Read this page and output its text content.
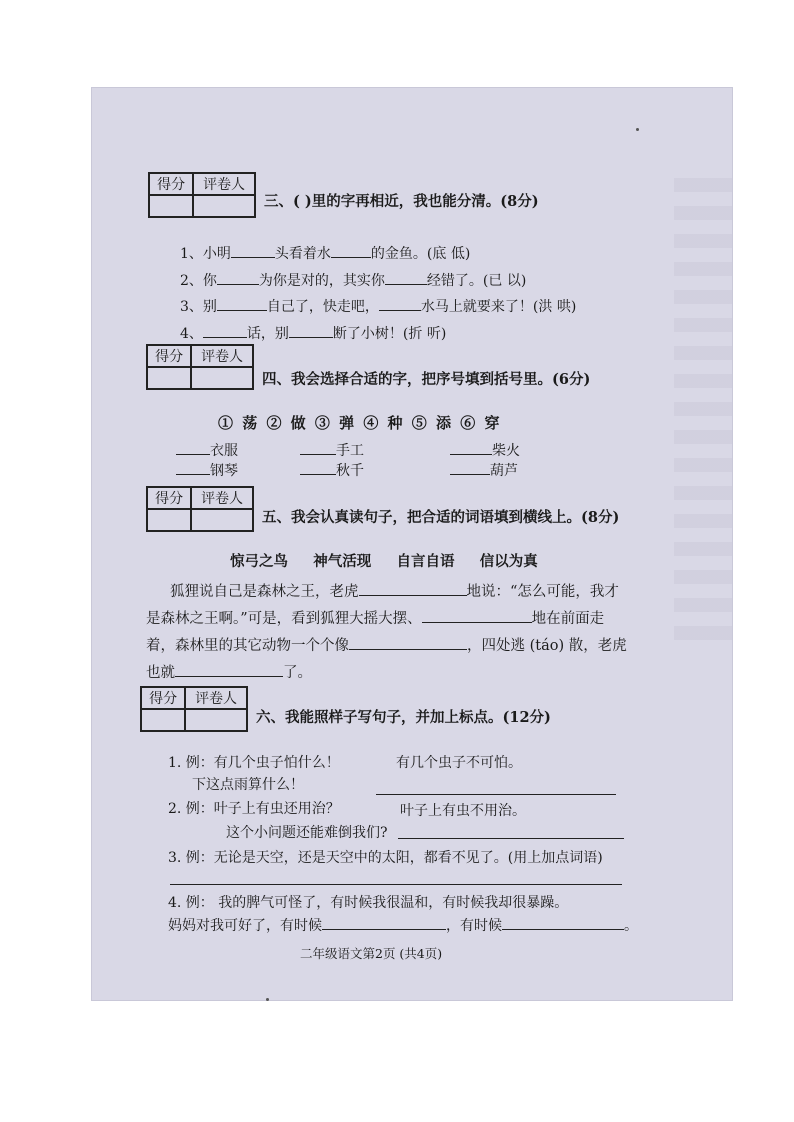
得分	评卷人
三、( )里的字再相近，我也能分清。(8分)
1、小明	头看着水	的金鱼。(底 低)
2、你	为你是对的，其实你	经错了。(已 以)
3、别	自己了，快走吧，	水马上就要来了！(洪 哄)
4、	话，别	断了小树！(折 听)
得分	评卷人
四、我会选择合适的字，把序号填到括号里。(6分)
① 荡 ② 做 ③ 弹 ④ 种 ⑤ 添 ⑥ 穿
衣服	手工	柴火
钢琴	秋千	葫芦
得分	评卷人
五、我会认真读句子，把合适的词语填到横线上。(8分)
惊弓之鸟     神气活现     自言自语     信以为真
狐狸说自己是森林之王，老虎	地说：“怎么可能，我才
是森林之王啊。”可是，看到狐狸大摇大摆、	地在前面走
着，森林里的其它动物一个个像	，四处逃 (táo) 散，老虎
也就	了。
得分	评卷人
六、我能照样子写句子，并加上标点。(12分)
1. 例：有几个虫子怕什么！	有几个虫子不可怕。
下这点雨算什么！
2. 例：叶子上有虫还用治？	叶子上有虫不用治。
这个小问题还能难倒我们?
3. 例：无论是天空，还是天空中的太阳，都看不见了。(用上加点词语)
4. 例： 我的脾气可怪了，有时候我很温和，有时候我却很暴躁。
妈妈对我可好了，有时候	，有时候	。
二年级语文第2页 (共4页)
